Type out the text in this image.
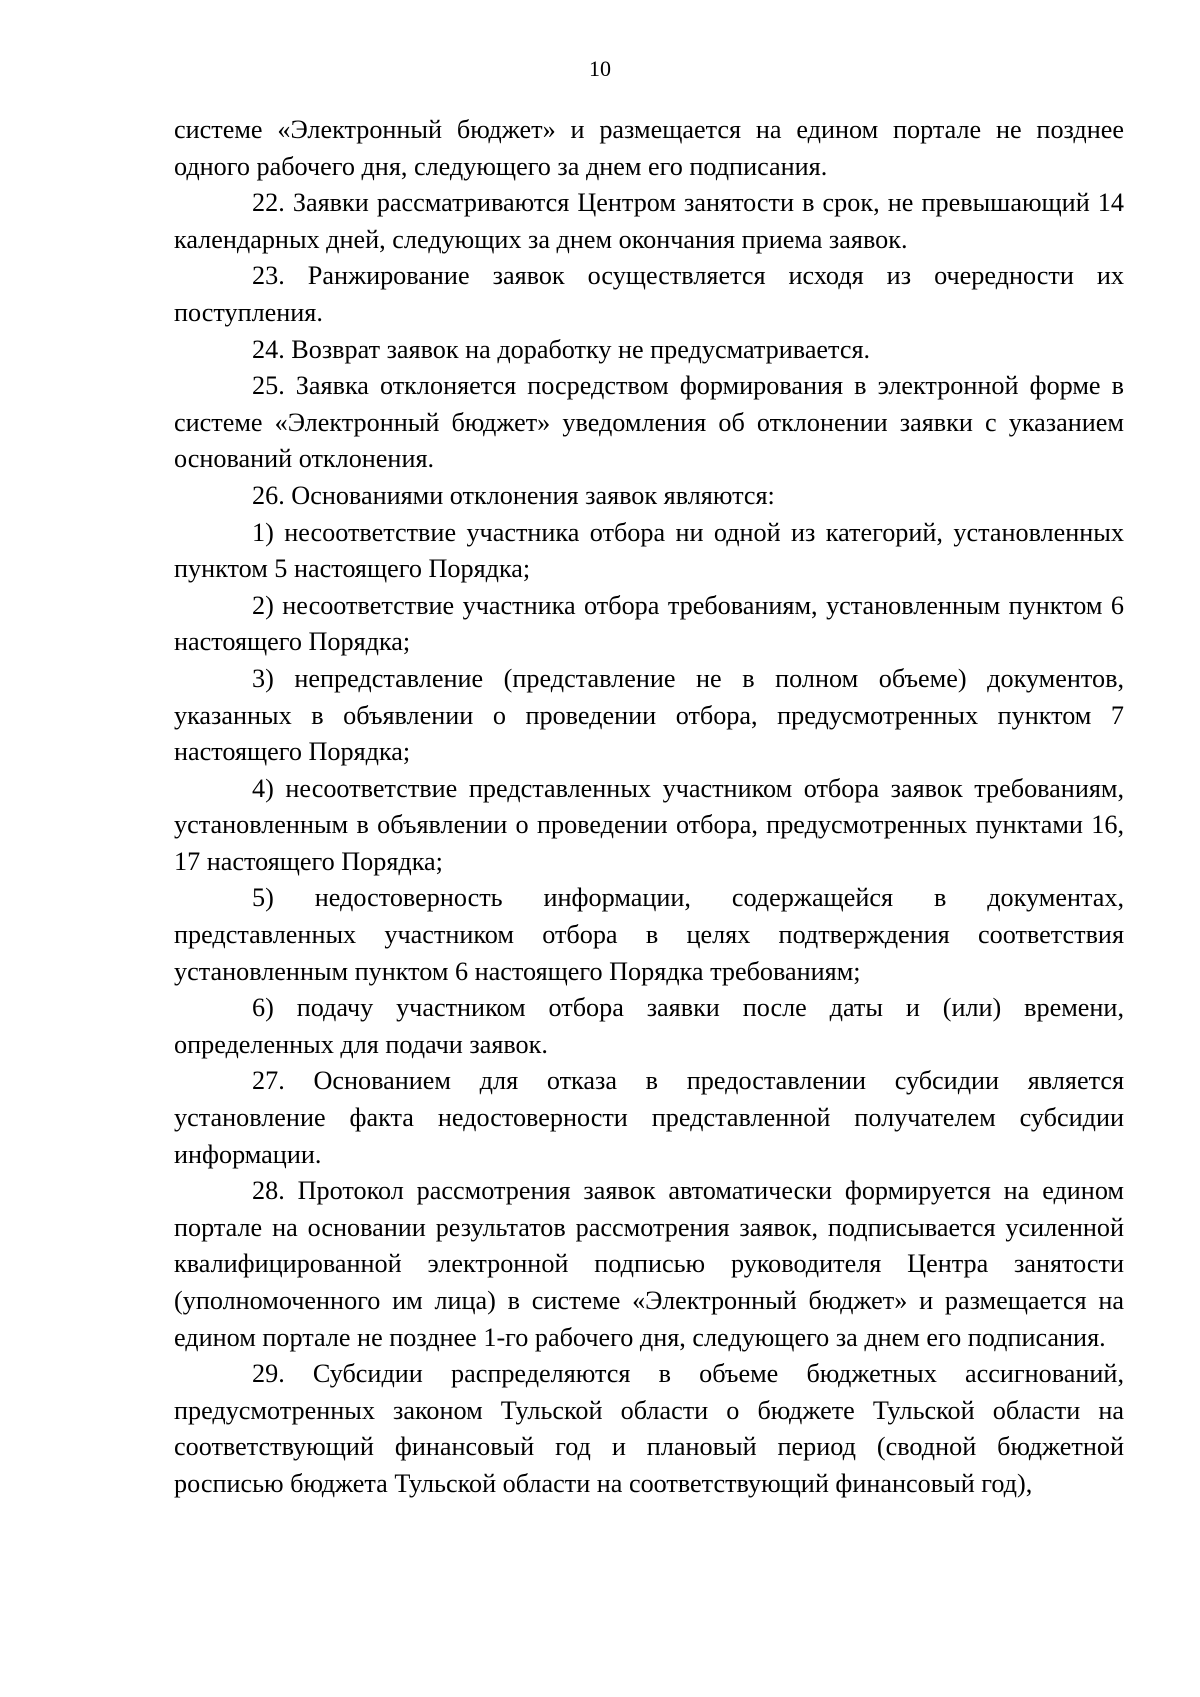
10

системе «Электронный бюджет» и размещается на едином портале не позднее одного рабочего дня, следующего за днем его подписания.

22. Заявки рассматриваются Центром занятости в срок, не превышающий 14 календарных дней, следующих за днем окончания приема заявок.

23. Ранжирование заявок осуществляется исходя из очередности их поступления.

24. Возврат заявок на доработку не предусматривается.

25. Заявка отклоняется посредством формирования в электронной форме в системе «Электронный бюджет» уведомления об отклонении заявки с указанием оснований отклонения.

26. Основаниями отклонения заявок являются:

1) несоответствие участника отбора ни одной из категорий, установленных пунктом 5 настоящего Порядка;

2) несоответствие участника отбора требованиям, установленным пунктом 6 настоящего Порядка;

3) непредставление (представление не в полном объеме) документов, указанных в объявлении о проведении отбора, предусмотренных пунктом 7 настоящего Порядка;

4) несоответствие представленных участником отбора заявок требованиям, установленным в объявлении о проведении отбора, предусмотренных пунктами 16, 17 настоящего Порядка;

5) недостоверность информации, содержащейся в документах, представленных участником отбора в целях подтверждения соответствия установленным пунктом 6 настоящего Порядка требованиям;

6) подачу участником отбора заявки после даты и (или) времени, определенных для подачи заявок.

27. Основанием для отказа в предоставлении субсидии является установление факта недостоверности представленной получателем субсидии информации.

28. Протокол рассмотрения заявок автоматически формируется на едином портале на основании результатов рассмотрения заявок, подписывается усиленной квалифицированной электронной подписью руководителя Центра занятости (уполномоченного им лица) в системе «Электронный бюджет» и размещается на едином портале не позднее 1-го рабочего дня, следующего за днем его подписания.

29. Субсидии распределяются в объеме бюджетных ассигнований, предусмотренных законом Тульской области о бюджете Тульской области на соответствующий финансовый год и плановый период (сводной бюджетной росписью бюджета Тульской области на соответствующий финансовый год),
